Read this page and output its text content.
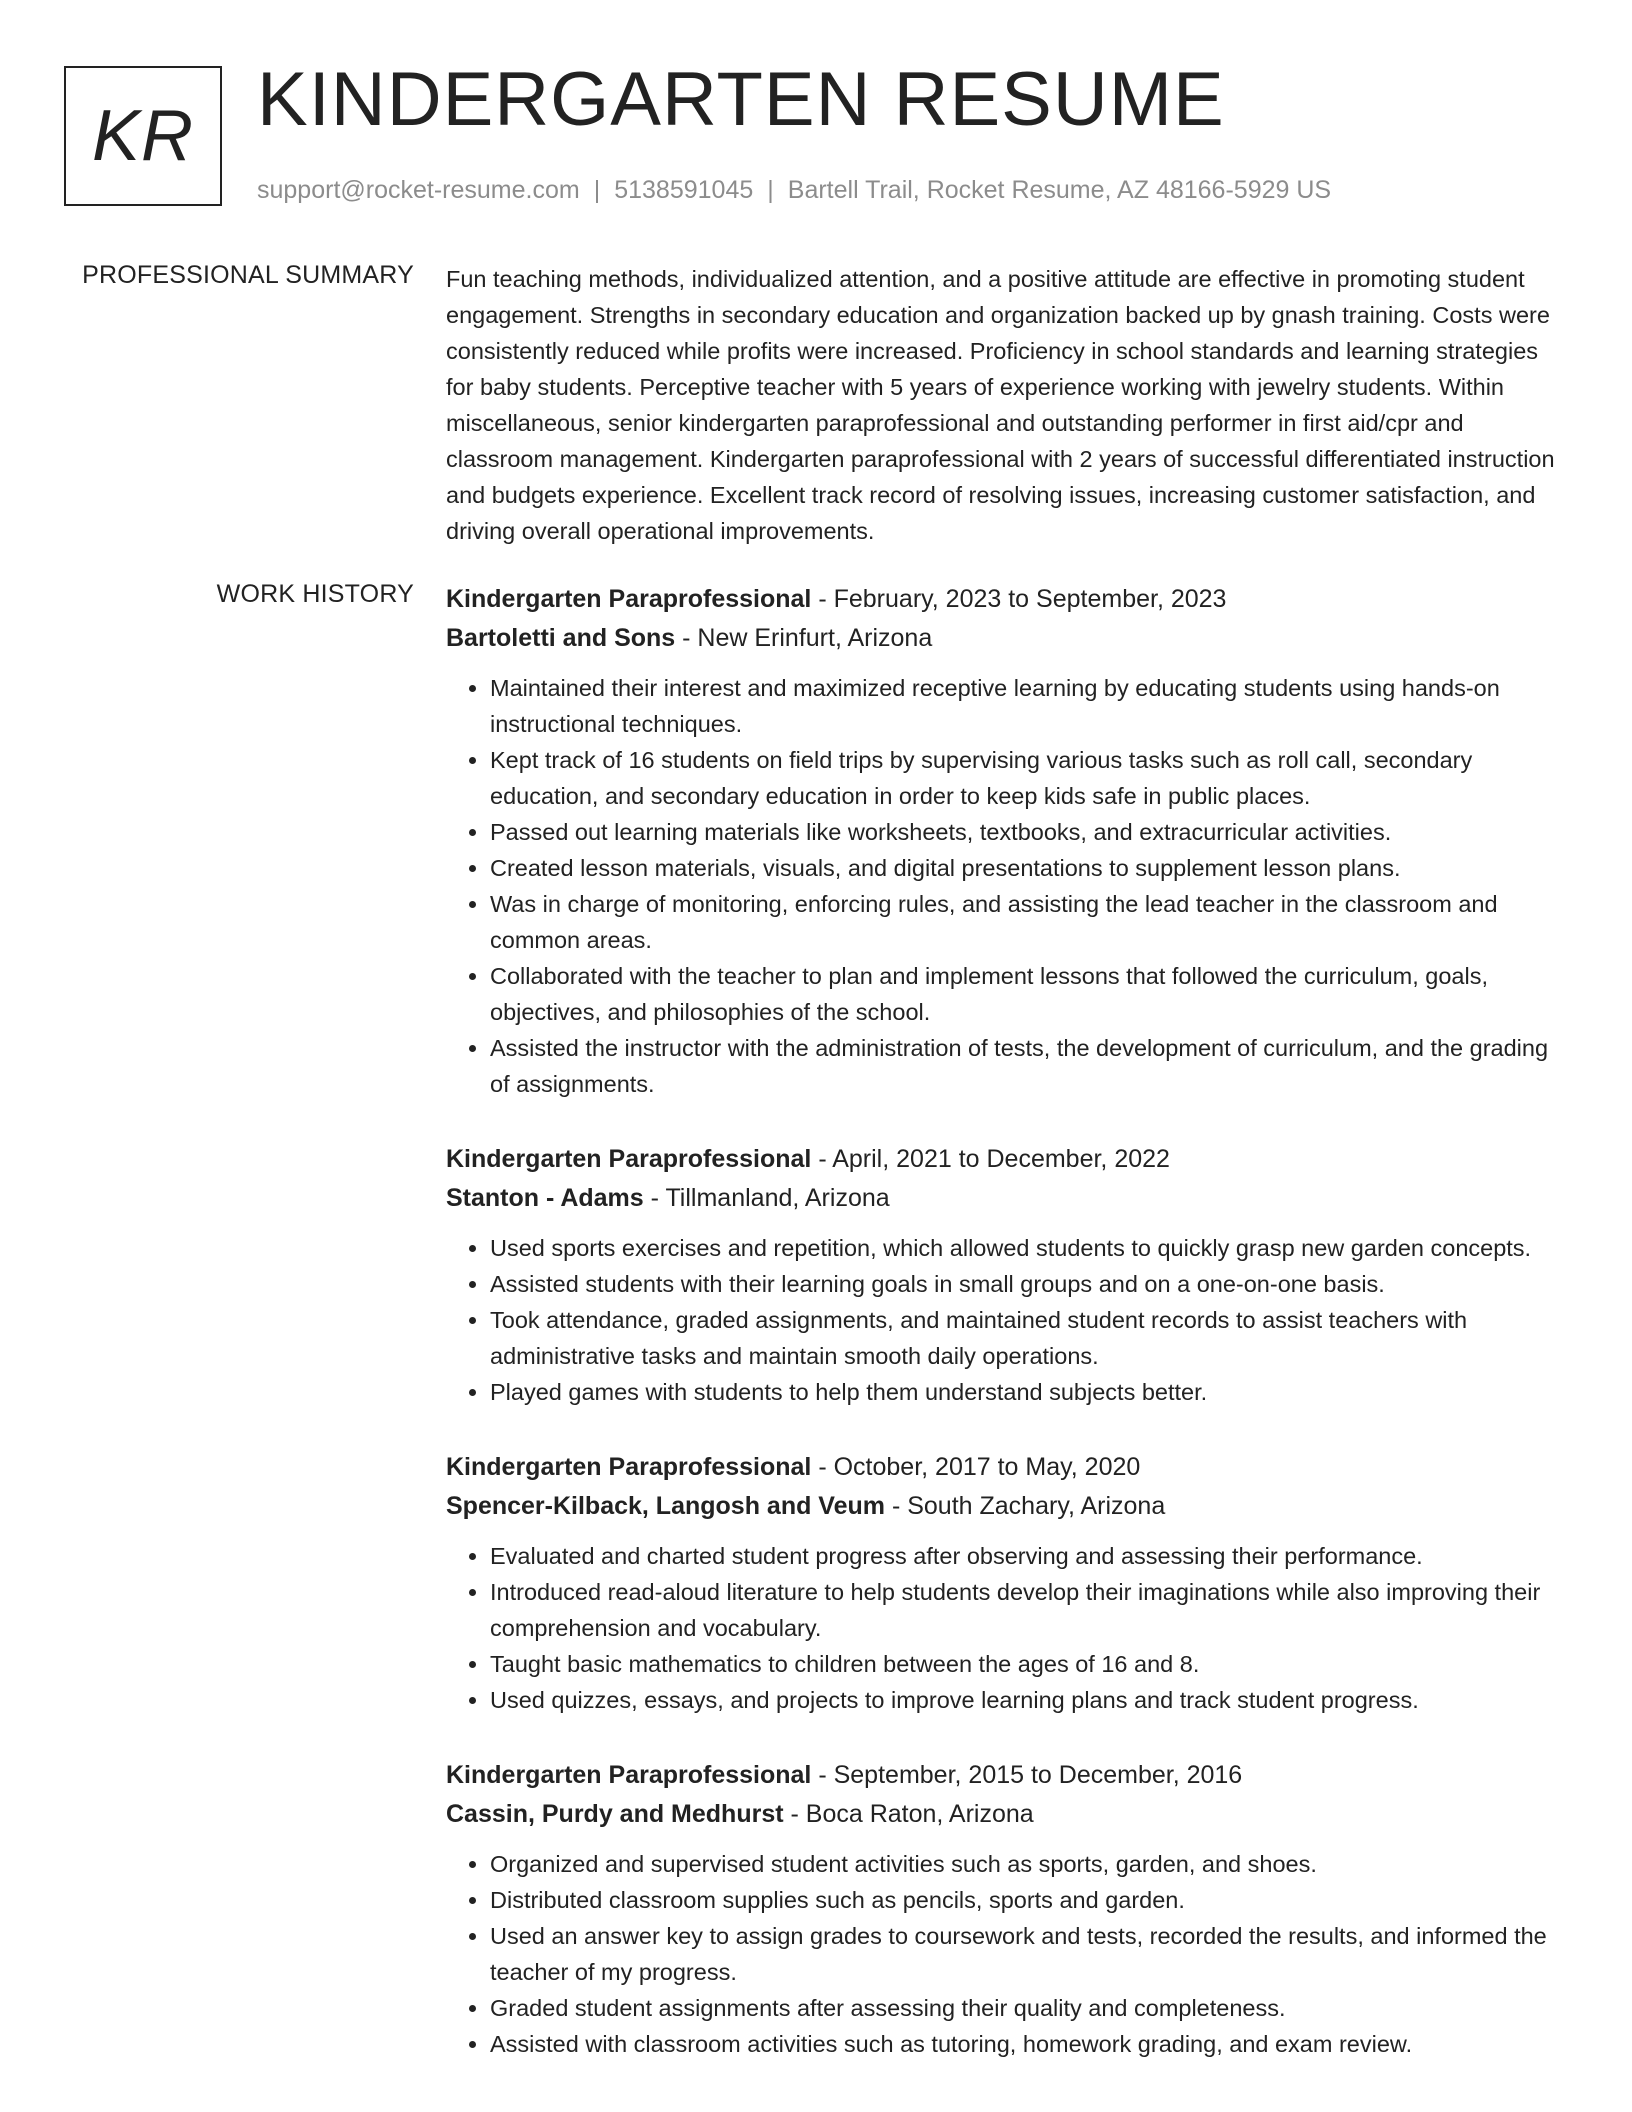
KR KINDERGARTEN RESUME
support@rocket-resume.com | 5138591045 | Bartell Trail, Rocket Resume, AZ 48166-5929 US
PROFESSIONAL SUMMARY Fun teaching methods, individualized attention, and a positive attitude are effective in promoting student engagement. Strengths in secondary education and organization backed up by gnash training. Costs were consistently reduced while profits were increased. Proficiency in school standards and learning strategies for baby students. Perceptive teacher with 5 years of experience working with jewelry students. Within miscellaneous, senior kindergarten paraprofessional and outstanding performer in first aid/cpr and classroom management. Kindergarten paraprofessional with 2 years of successful differentiated instruction and budgets experience. Excellent track record of resolving issues, increasing customer satisfaction, and driving overall operational improvements.

WORK HISTORY Kindergarten Paraprofessional - February, 2023 to September, 2023
Bartoletti and Sons - New Erinfurt, Arizona
• Maintained their interest and maximized receptive learning by educating students using hands-on instructional techniques.
• Kept track of 16 students on field trips by supervising various tasks such as roll call, secondary education, and secondary education in order to keep kids safe in public places.
• Passed out learning materials like worksheets, textbooks, and extracurricular activities.
• Created lesson materials, visuals, and digital presentations to supplement lesson plans.
• Was in charge of monitoring, enforcing rules, and assisting the lead teacher in the classroom and common areas.
• Collaborated with the teacher to plan and implement lessons that followed the curriculum, goals, objectives, and philosophies of the school.
• Assisted the instructor with the administration of tests, the development of curriculum, and the grading of assignments.
Kindergarten Paraprofessional - April, 2021 to December, 2022
Stanton - Adams - Tillmanland, Arizona
• Used sports exercises and repetition, which allowed students to quickly grasp new garden concepts.
• Assisted students with their learning goals in small groups and on a one-on-one basis.
• Took attendance, graded assignments, and maintained student records to assist teachers with administrative tasks and maintain smooth daily operations.
• Played games with students to help them understand subjects better.
Kindergarten Paraprofessional - October, 2017 to May, 2020
Spencer-Kilback, Langosh and Veum - South Zachary, Arizona
• Evaluated and charted student progress after observing and assessing their performance.
• Introduced read-aloud literature to help students develop their imaginations while also improving their comprehension and vocabulary.
• Taught basic mathematics to children between the ages of 16 and 8.
• Used quizzes, essays, and projects to improve learning plans and track student progress.
Kindergarten Paraprofessional - September, 2015 to December, 2016
Cassin, Purdy and Medhurst - Boca Raton, Arizona
• Organized and supervised student activities such as sports, garden, and shoes.
• Distributed classroom supplies such as pencils, sports and garden.
• Used an answer key to assign grades to coursework and tests, recorded the results, and informed the teacher of my progress.
• Graded student assignments after assessing their quality and completeness.
• Assisted with classroom activities such as tutoring, homework grading, and exam review.
